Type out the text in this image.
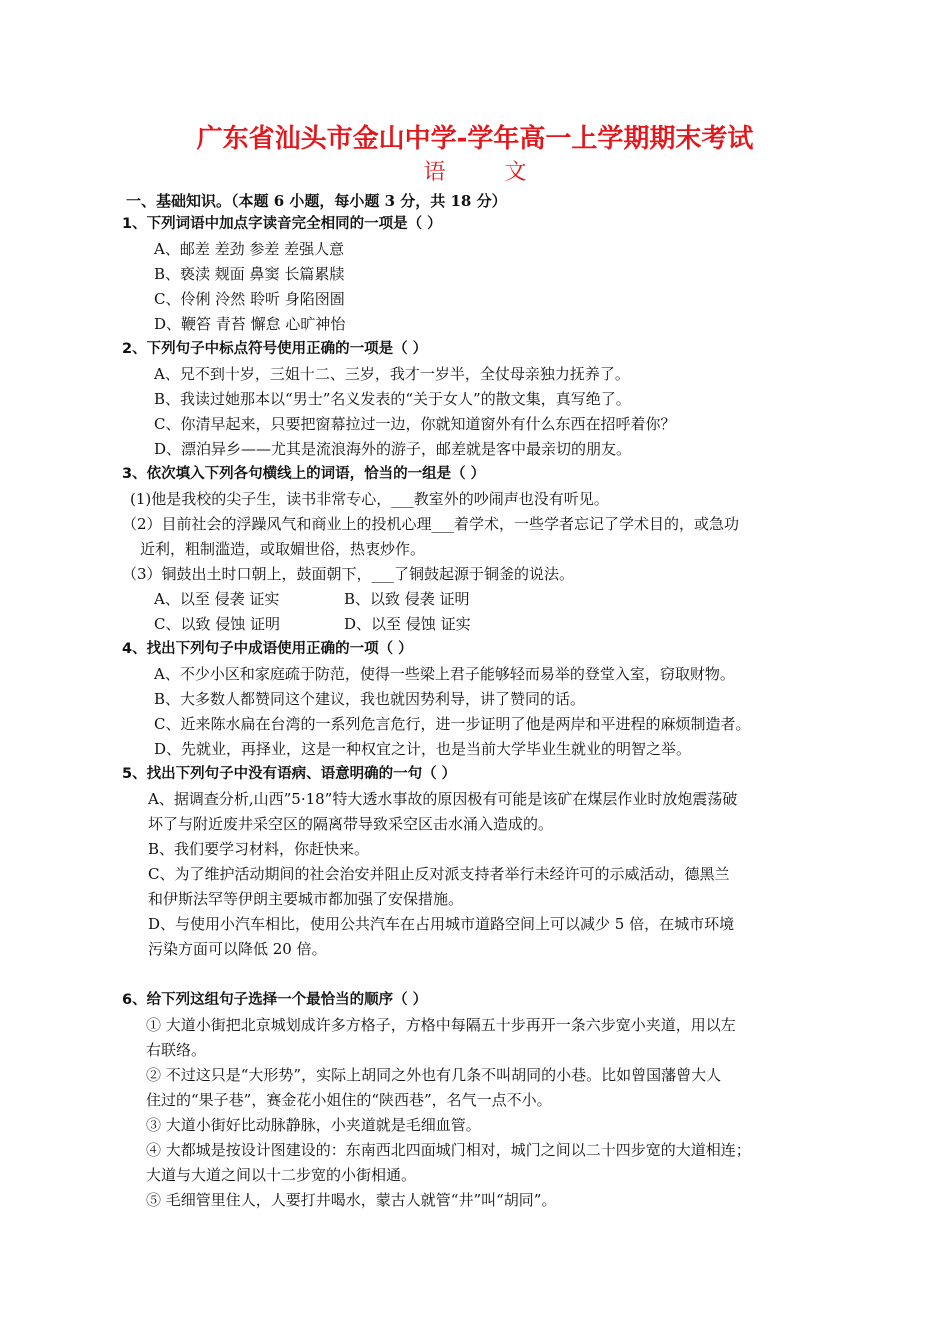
广东省汕头市金山中学-学年高一上学期期末考试
语 文
一、基础知识。（本题 6 小题，每小题 3 分，共 18 分）
1、下列词语中加点字读音完全相同的一项是（ ）
A、邮差 差劲 参差 差强人意
B、亵渎 觌面 鼻窦 长篇累牍
C、伶俐 泠然 聆听 身陷囹圄
D、鞭笞 青苔 懈怠 心旷神怡
2、下列句子中标点符号使用正确的一项是（ ）
A、兄不到十岁，三姐十二、三岁，我才一岁半，全仗母亲独力抚养了。
B、我读过她那本以“男士”名义发表的“关于女人”的散文集，真写绝了。
C、你清早起来，只要把窗幕拉过一边，你就知道窗外有什么东西在招呼着你？
D、漂泊异乡——尤其是流浪海外的游子，邮差就是客中最亲切的朋友。
3、依次填入下列各句横线上的词语，恰当的一组是（ ）
(1)他是我校的尖子生，读书非常专心，___教室外的吵闹声也没有听见。
（2）目前社会的浮躁风气和商业上的投机心理___着学术，一些学者忘记了学术目的，或急功
近利，粗制滥造，或取媚世俗，热衷炒作。
（3）铜鼓出土时口朝上，鼓面朝下，___了铜鼓起源于铜釜的说法。
A、以至 侵袭 证实	B、以致 侵袭 证明
C、以致 侵蚀 证明	D、以至 侵蚀 证实
4、找出下列句子中成语使用正确的一项（ ）
A、不少小区和家庭疏于防范，使得一些梁上君子能够轻而易举的登堂入室，窃取财物。
B、大多数人都赞同这个建议，我也就因势利导，讲了赞同的话。
C、近来陈水扁在台湾的一系列危言危行，进一步证明了他是两岸和平进程的麻烦制造者。
D、先就业，再择业，这是一种权宜之计，也是当前大学毕业生就业的明智之举。
5、找出下列句子中没有语病、语意明确的一句（ ）
A、据调查分析,山西”5·18”特大透水事故的原因极有可能是该矿在煤层作业时放炮震荡破
坏了与附近废井采空区的隔离带导致采空区击水涌入造成的。
B、我们要学习材料，你赶快来。
C、为了维护活动期间的社会治安并阻止反对派支持者举行未经许可的示威活动，德黑兰
和伊斯法罕等伊朗主要城市都加强了安保措施。
D、与使用小汽车相比，使用公共汽车在占用城市道路空间上可以减少 5 倍，在城市环境
污染方面可以降低 20 倍。
6、给下列这组句子选择一个最恰当的顺序（ ）
① 大道小街把北京城划成许多方格子，方格中每隔五十步再开一条六步宽小夹道，用以左
右联络。
② 不过这只是“大形势”，实际上胡同之外也有几条不叫胡同的小巷。比如曾国藩曾大人
住过的“果子巷”，赛金花小姐住的“陕西巷”，名气一点不小。
③ 大道小街好比动脉静脉，小夹道就是毛细血管。
④ 大都城是按设计图建设的：东南西北四面城门相对，城门之间以二十四步宽的大道相连；
大道与大道之间以十二步宽的小街相通。
⑤ 毛细管里住人，人要打井喝水，蒙古人就管“井”叫“胡同”。
